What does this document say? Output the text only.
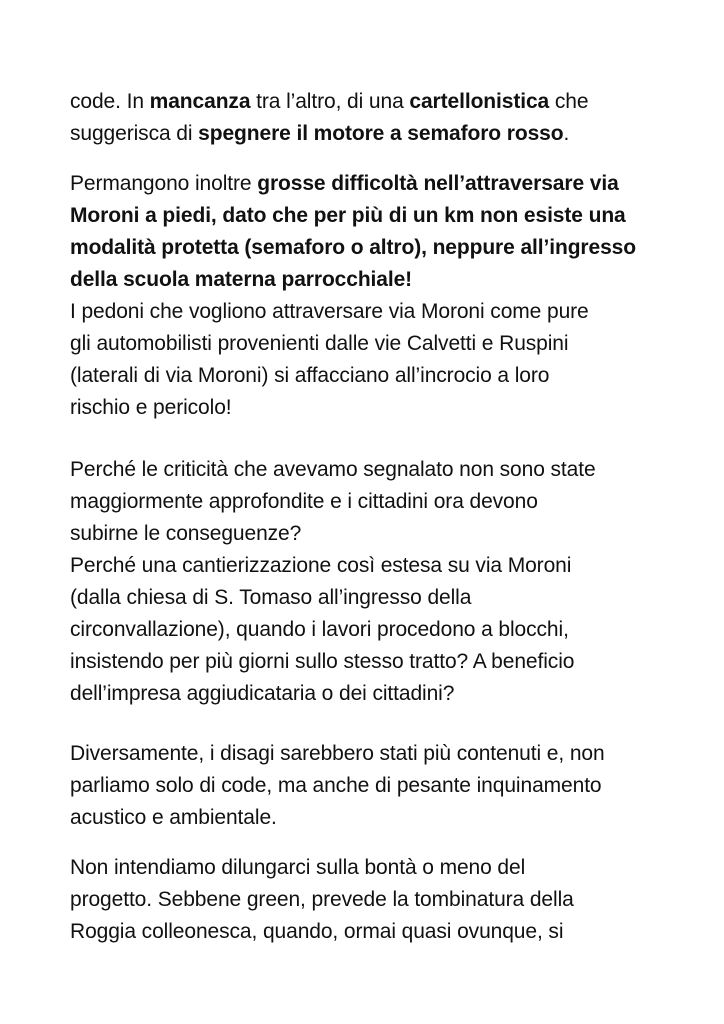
code. In mancanza tra l’altro, di una cartellonistica che
suggerisca di spegnere il motore a semaforo rosso.
Permangono inoltre grosse difficoltà nell’attraversare via
Moroni a piedi, dato che per più di un km non esiste una
modalità protetta (semaforo o altro), neppure all’ingresso
della scuola materna parrocchiale!
I pedoni che vogliono attraversare via Moroni come pure
gli automobilisti provenienti dalle vie Calvetti e Ruspini
(laterali di via Moroni) si affacciano all’incrocio a loro
rischio e pericolo!
Perché le criticità che avevamo segnalato non sono state
maggiormente approfondite e i cittadini ora devono
subirne le conseguenze?
Perché una cantierizzazione così estesa su via Moroni
(dalla chiesa di S. Tomaso all’ingresso della
circonvallazione), quando i lavori procedono a blocchi,
insistendo per più giorni sullo stesso tratto? A beneficio
dell’impresa aggiudicataria o dei cittadini?
Diversamente, i disagi sarebbero stati più contenuti e, non
parliamo solo di code, ma anche di pesante inquinamento
acustico e ambientale.
Non intendiamo dilungarci sulla bontà o meno del
progetto. Sebbene green, prevede la tombinatura della
Roggia colleonesca, quando, ormai quasi ovunque, si
